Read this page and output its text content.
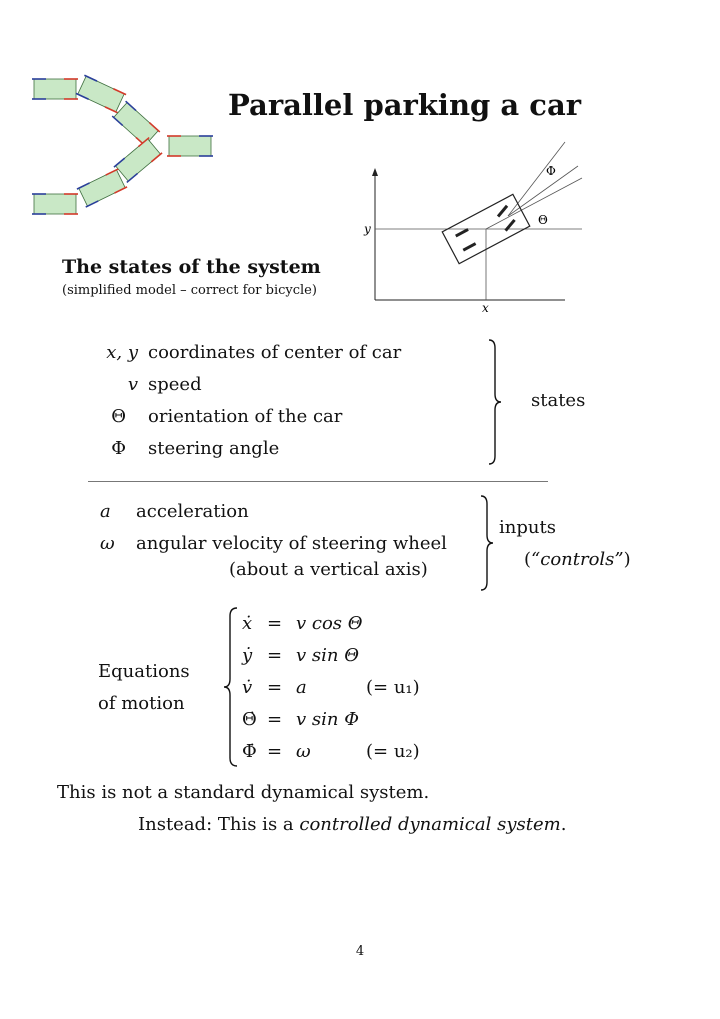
Parallel parking a car
Φ
Θ
y
x
The states of the system
(simplified model – correct for bicycle)
x, y coordinates of center of car
v speed
Θ orientation of the car
Φ steering angle
states
a acceleration
ω angular velocity of steering wheel
(about a vertical axis)
inputs
(“controls”)
Equations
of motion
ẋ = v cos Θ
ẏ = v sin Θ
v̇ = a	(= u₁)
Θ̇ = v sin Φ
Φ̇ = ω	(= u₂)
This is not a standard dynamical system.
Instead: This is a controlled dynamical system.
4
